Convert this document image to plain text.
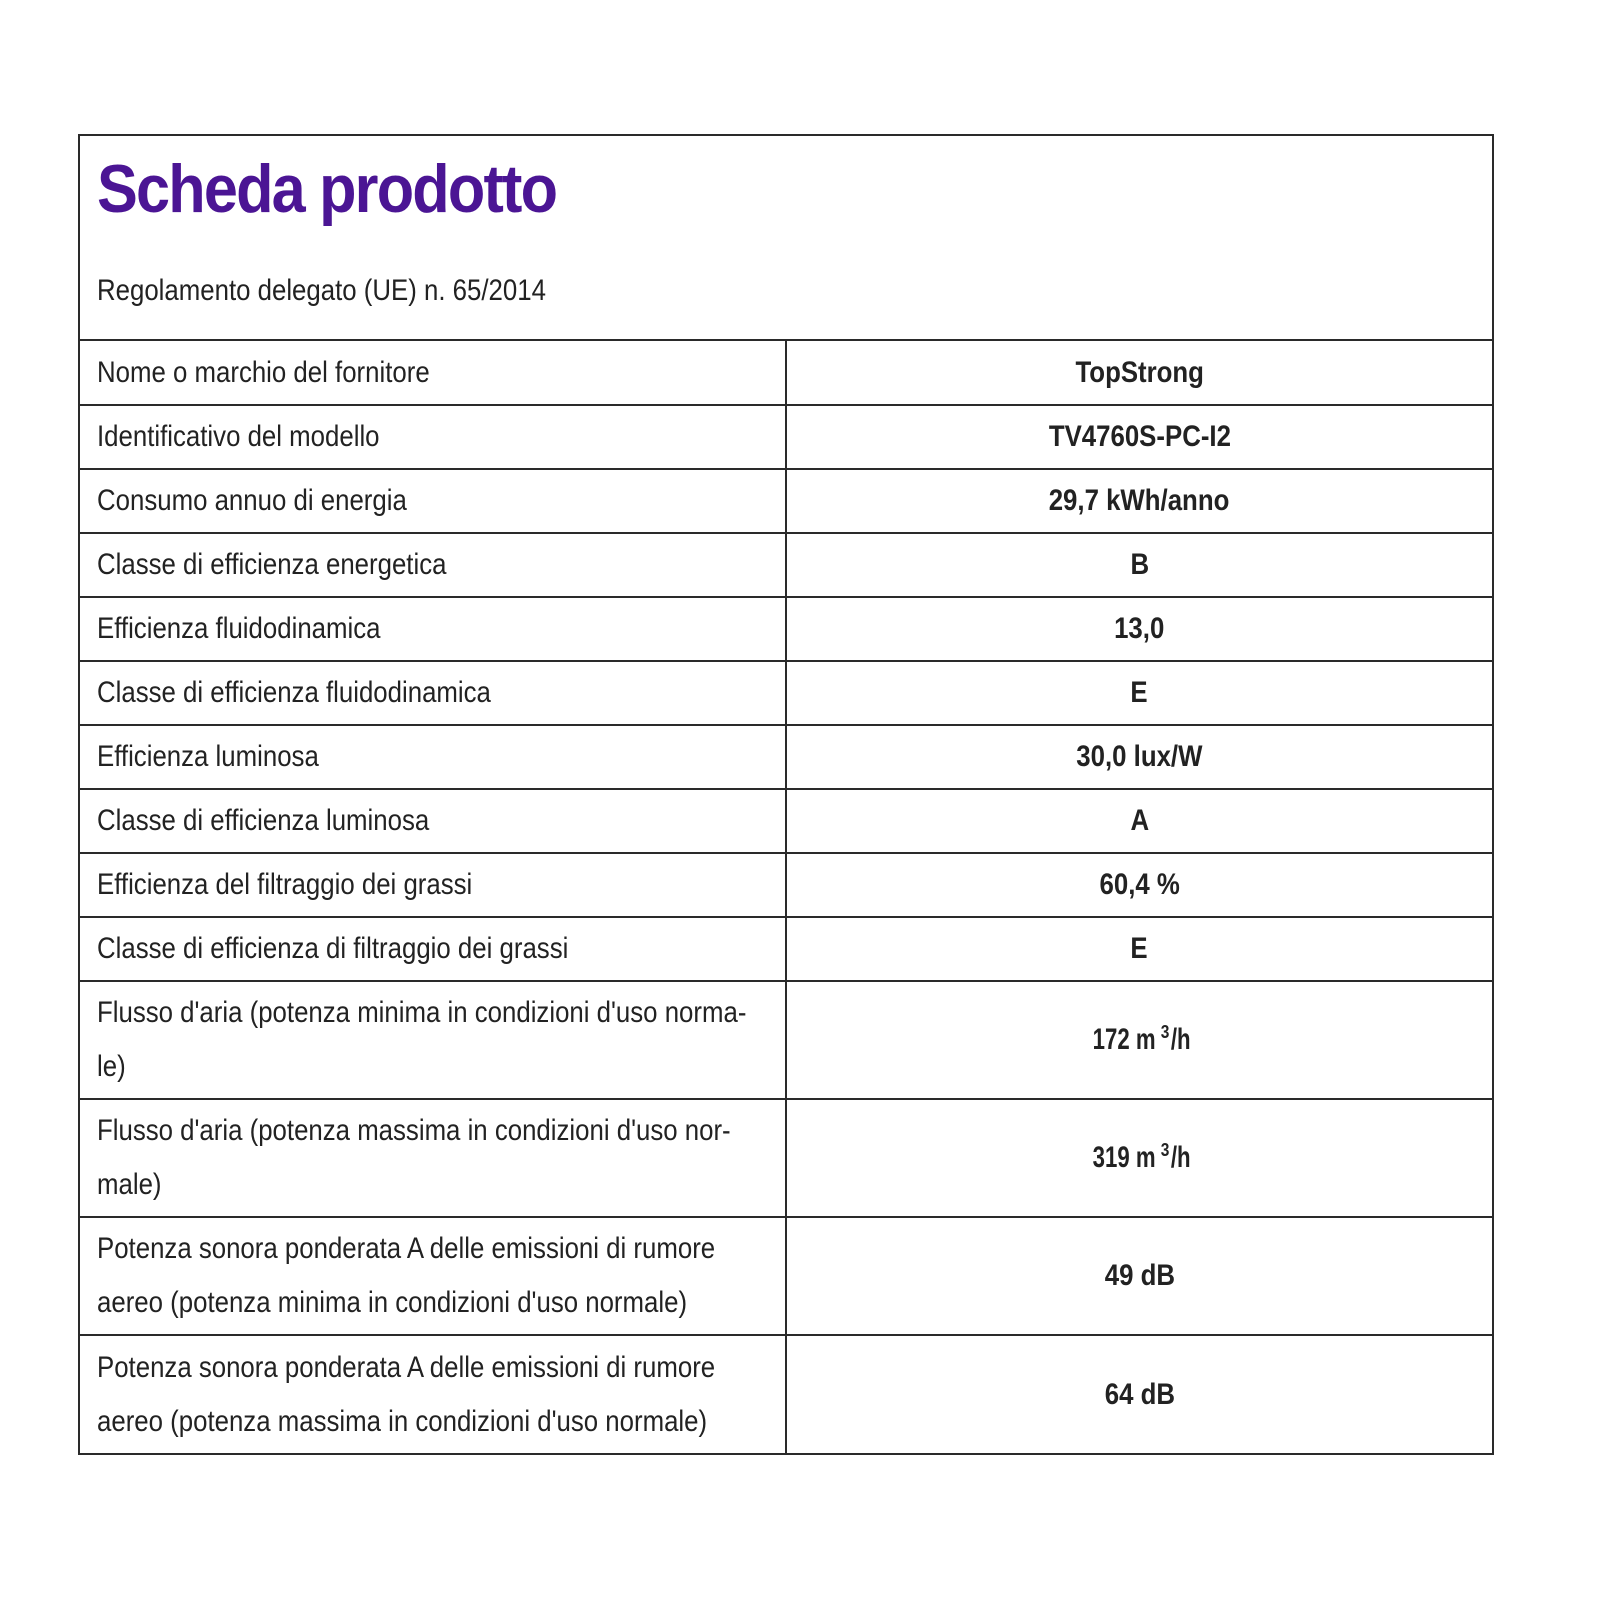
Scheda prodotto
Regolamento delegato (UE) n. 65/2014
Nome o marchio del fornitore	TopStrong
Identificativo del modello	TV4760S-PC-I2
Consumo annuo di energia	29,7 kWh/anno
Classe di efficienza energetica	B
Efficienza fluidodinamica	13,0
Classe di efficienza fluidodinamica	E
Efficienza luminosa	30,0 lux/W
Classe di efficienza luminosa	A
Efficienza del filtraggio dei grassi	60,4 %
Classe di efficienza di filtraggio dei grassi	E
Flusso d'aria (potenza minima in condizioni d'uso norma-
le)	172 m $^3$/h
Flusso d'aria (potenza massima in condizioni d'uso nor-
male)	319 m $^3$/h
Potenza sonora ponderata A delle emissioni di rumore
aereo (potenza minima in condizioni d'uso normale)	49 dB
Potenza sonora ponderata A delle emissioni di rumore
aereo (potenza massima in condizioni d'uso normale)	64 dB
